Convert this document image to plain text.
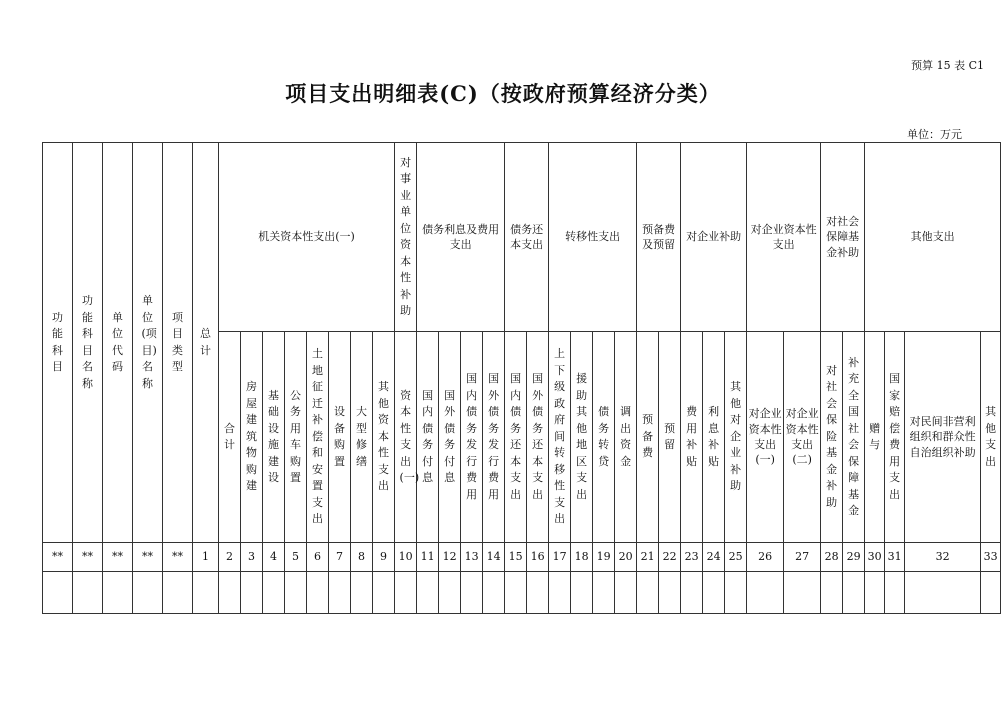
预算 15 表 C1
项目支出明细表(C)（按政府预算经济分类）
单位：万元
功能科目	功能科目名称	单位代码	单位(项目)名称	项目类型	总计	机关资本性支出(一)								对事业单位资本性补助	债务利息及费用支出				债务还本支出		转移性支出				预备费及预留		对企业补助			对企业资本性支出		对社会保障基金补助		其他支出			
						合计	房屋建筑物购建	基础设施建设	公务用车购置	土地征迁补偿和安置支出	设备购置	大型修缮	其他资本性支出	资本性支出(一)	国内债务付息	国外债务付息	国内债务发行费用	国外债务发行费用	国内债务还本支出	国外债务还本支出	上下级政府间转移性支出	援助其他地区支出	债务转贷	调出资金	预备费	预留	费用补贴	利息补贴	其他对企业补助	对企业资本性支出(一)	对企业资本性支出(二)	对社会保险基金补助	补充全国社会保障基金	赠与	国家赔偿费用支出	对民间非营利组织和群众性自治组织补助	其他支出
**	**	**	**	**	1	2	3	4	5	6	7	8	9	10	11	12	13	14	15	16	17	18	19	20	21	22	23	24	25	26	27	28	29	30	31	32	33
